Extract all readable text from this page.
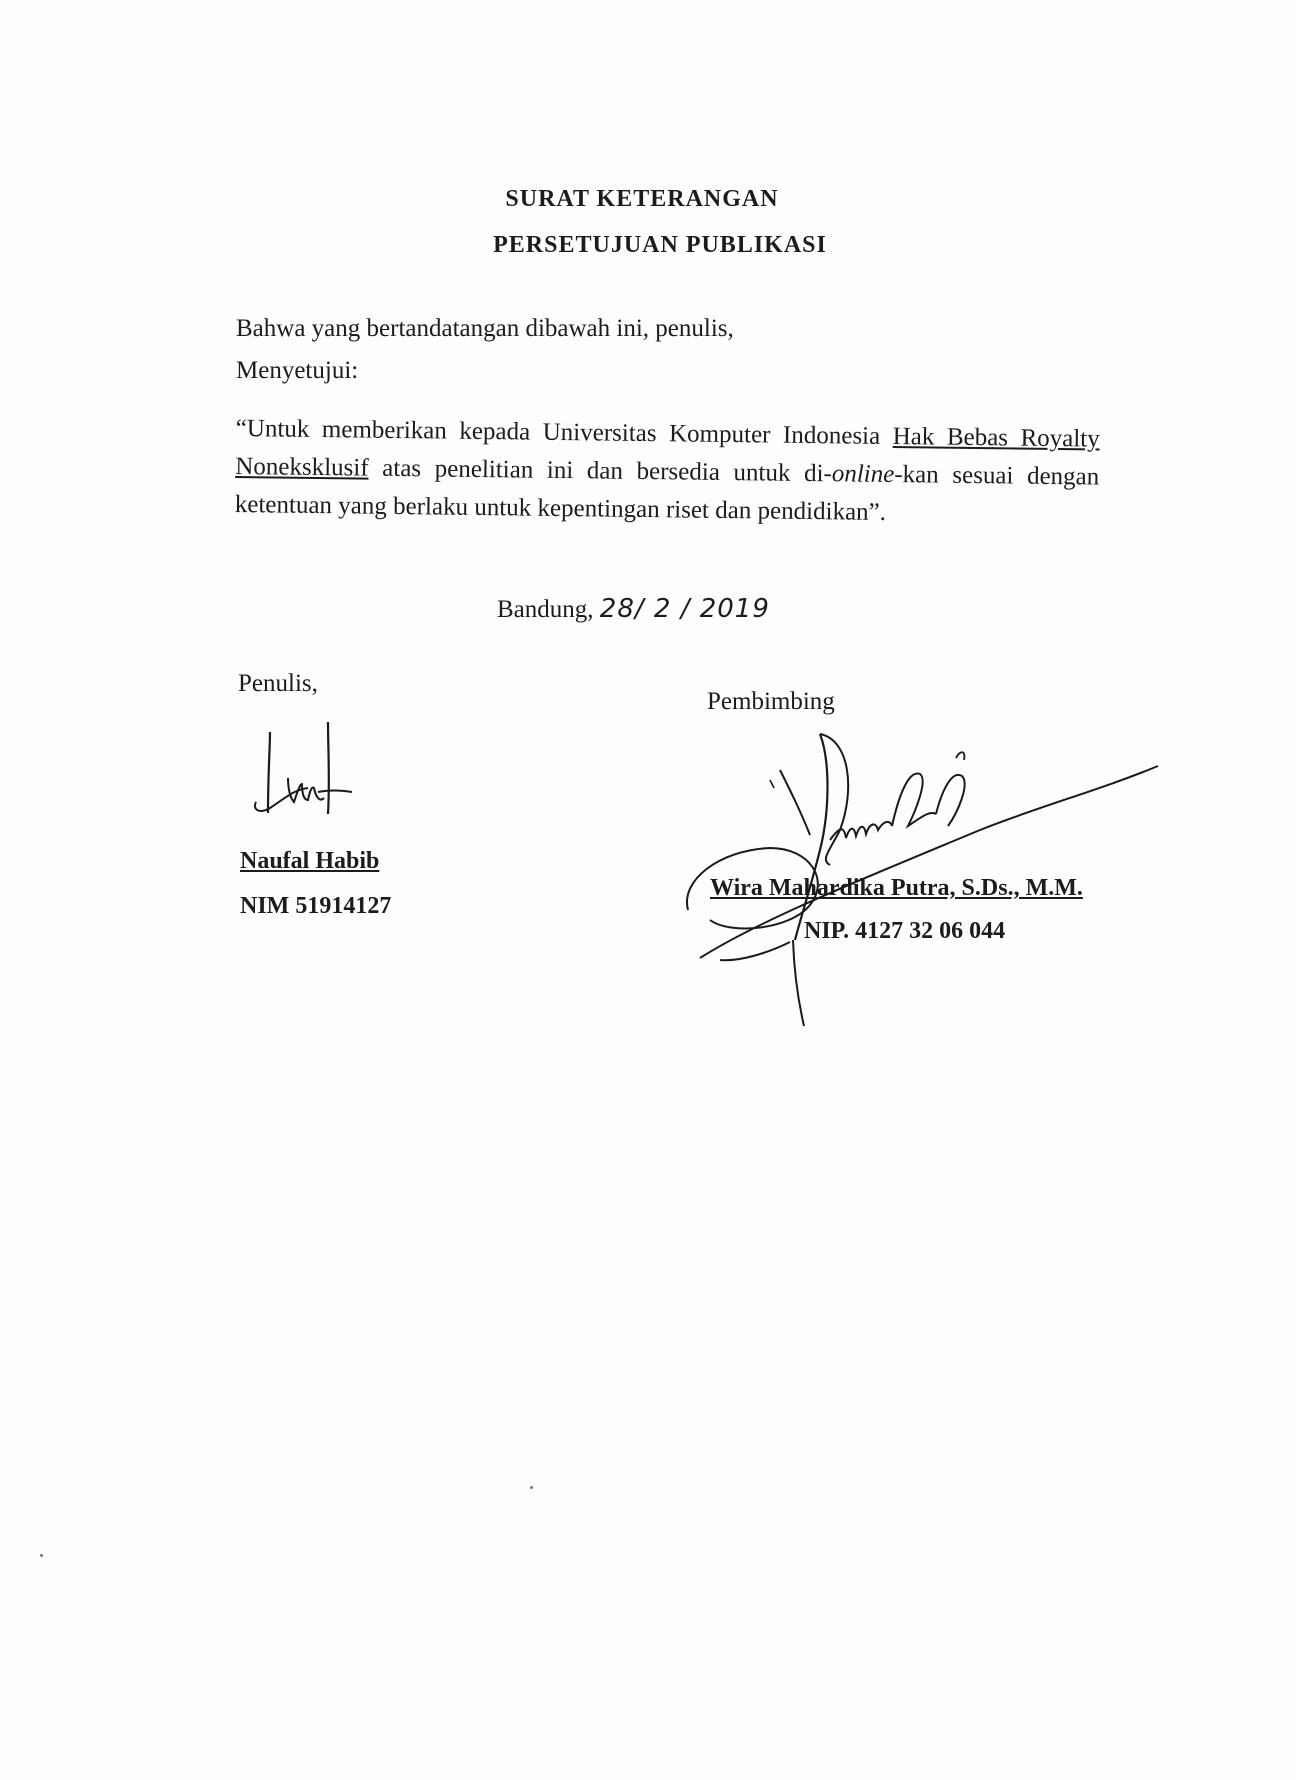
SURAT KETERANGAN
PERSETUJUAN PUBLIKASI
Bahwa yang bertandatangan dibawah ini, penulis,
Menyetujui:
“Untuk memberikan kepada Universitas Komputer Indonesia Hak Bebas Royalty Noneksklusif atas penelitian ini dan bersedia untuk di-online-kan sesuai dengan ketentuan yang berlaku untuk kepentingan riset dan pendidikan”.
Bandung, 28/ 2 / 2019
Penulis,
Pembimbing
Naufal Habib
NIM 51914127
Wira Mahardika Putra, S.Ds., M.M.
NIP. 4127 32 06 044
